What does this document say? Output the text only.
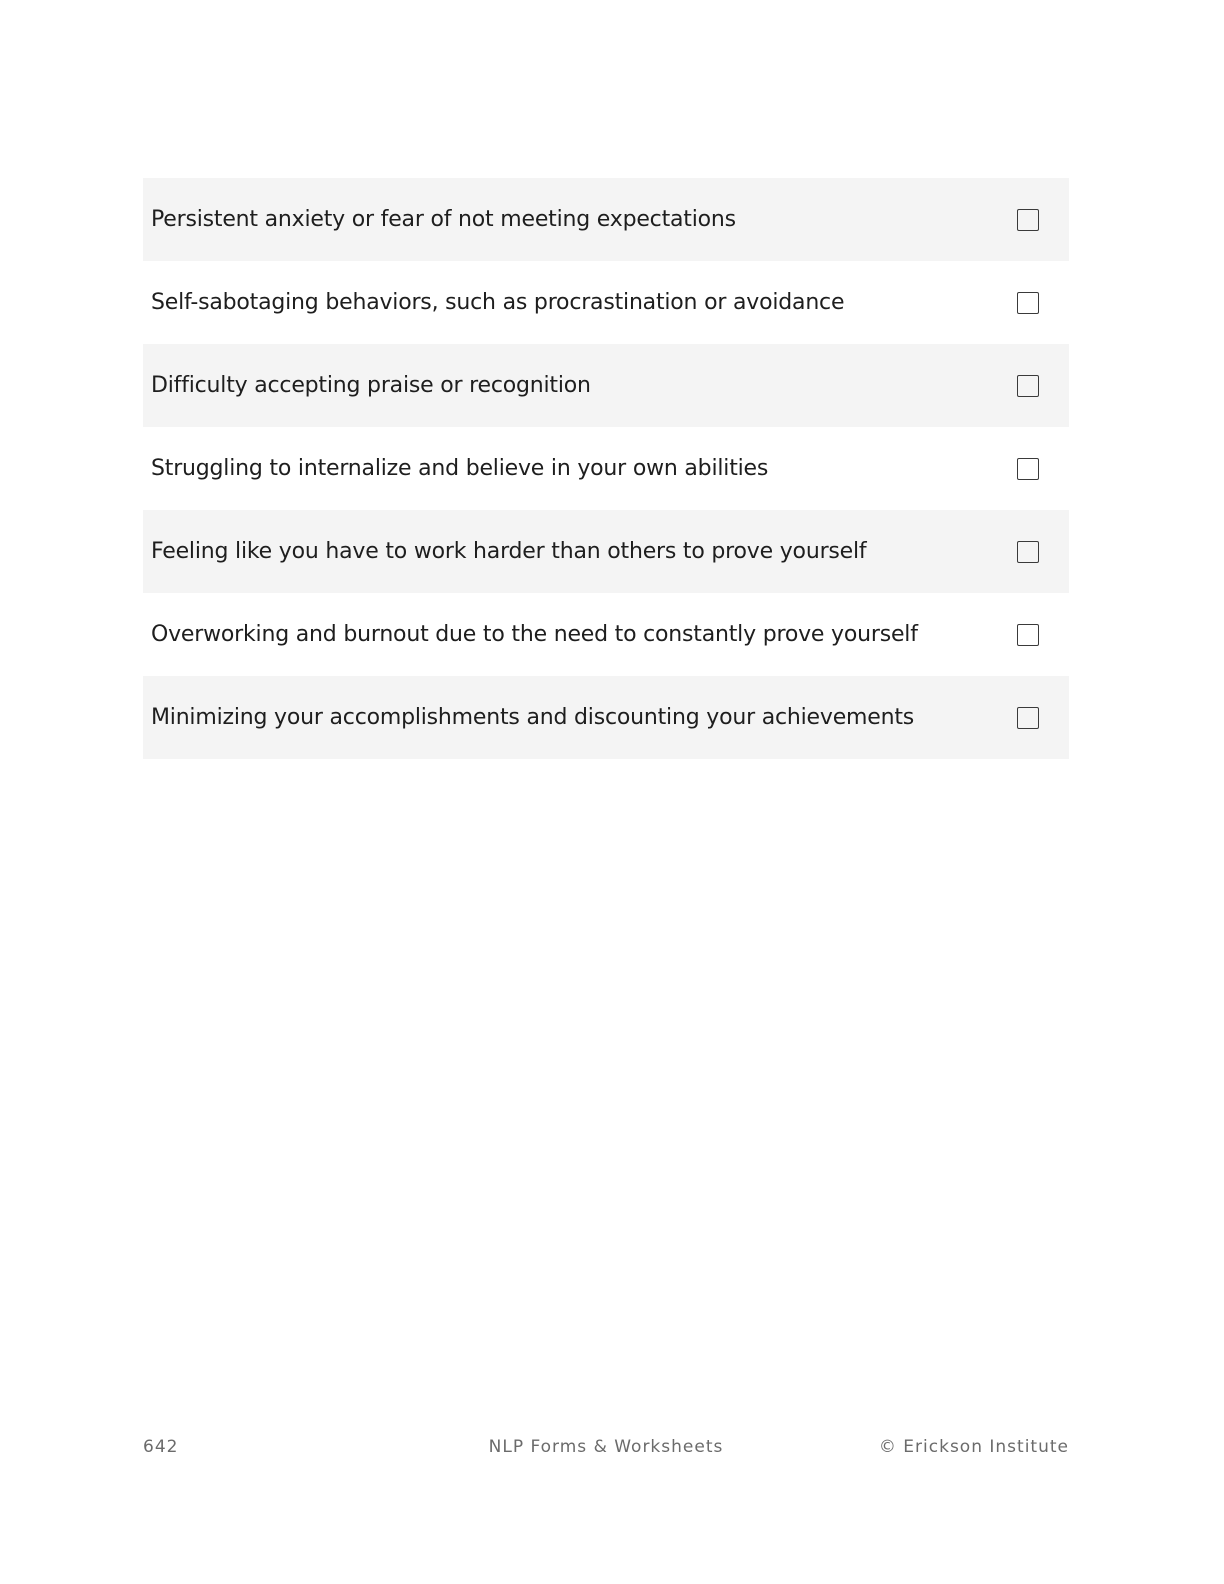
Persistent anxiety or fear of not meeting expectations
Self-sabotaging behaviors, such as procrastination or avoidance
Difficulty accepting praise or recognition
Struggling to internalize and believe in your own abilities
Feeling like you have to work harder than others to prove yourself
Overworking and burnout due to the need to constantly prove yourself
Minimizing your accomplishments and discounting your achievements
642	NLP Forms & Worksheets	© Erickson Institute
